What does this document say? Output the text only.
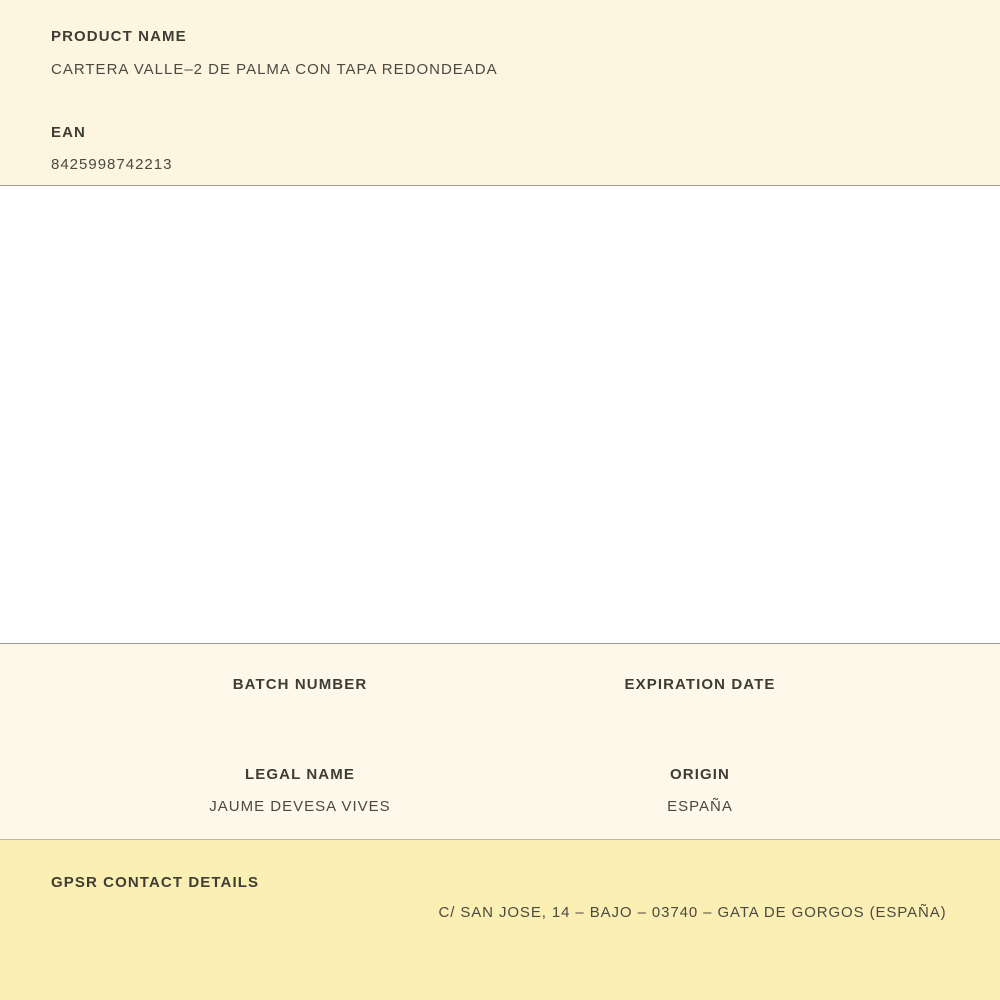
PRODUCT NAME
CARTERA VALLE–2 DE PALMA CON TAPA REDONDEADA
EAN
8425998742213
BATCH NUMBER	EXPIRATION DATE
LEGAL NAME
JAUME DEVESA VIVES
ORIGIN
ESPAÑA
GPSR CONTACT DETAILS
C/ SAN JOSE, 14 – BAJO – 03740 – GATA DE GORGOS (ESPAÑA)
